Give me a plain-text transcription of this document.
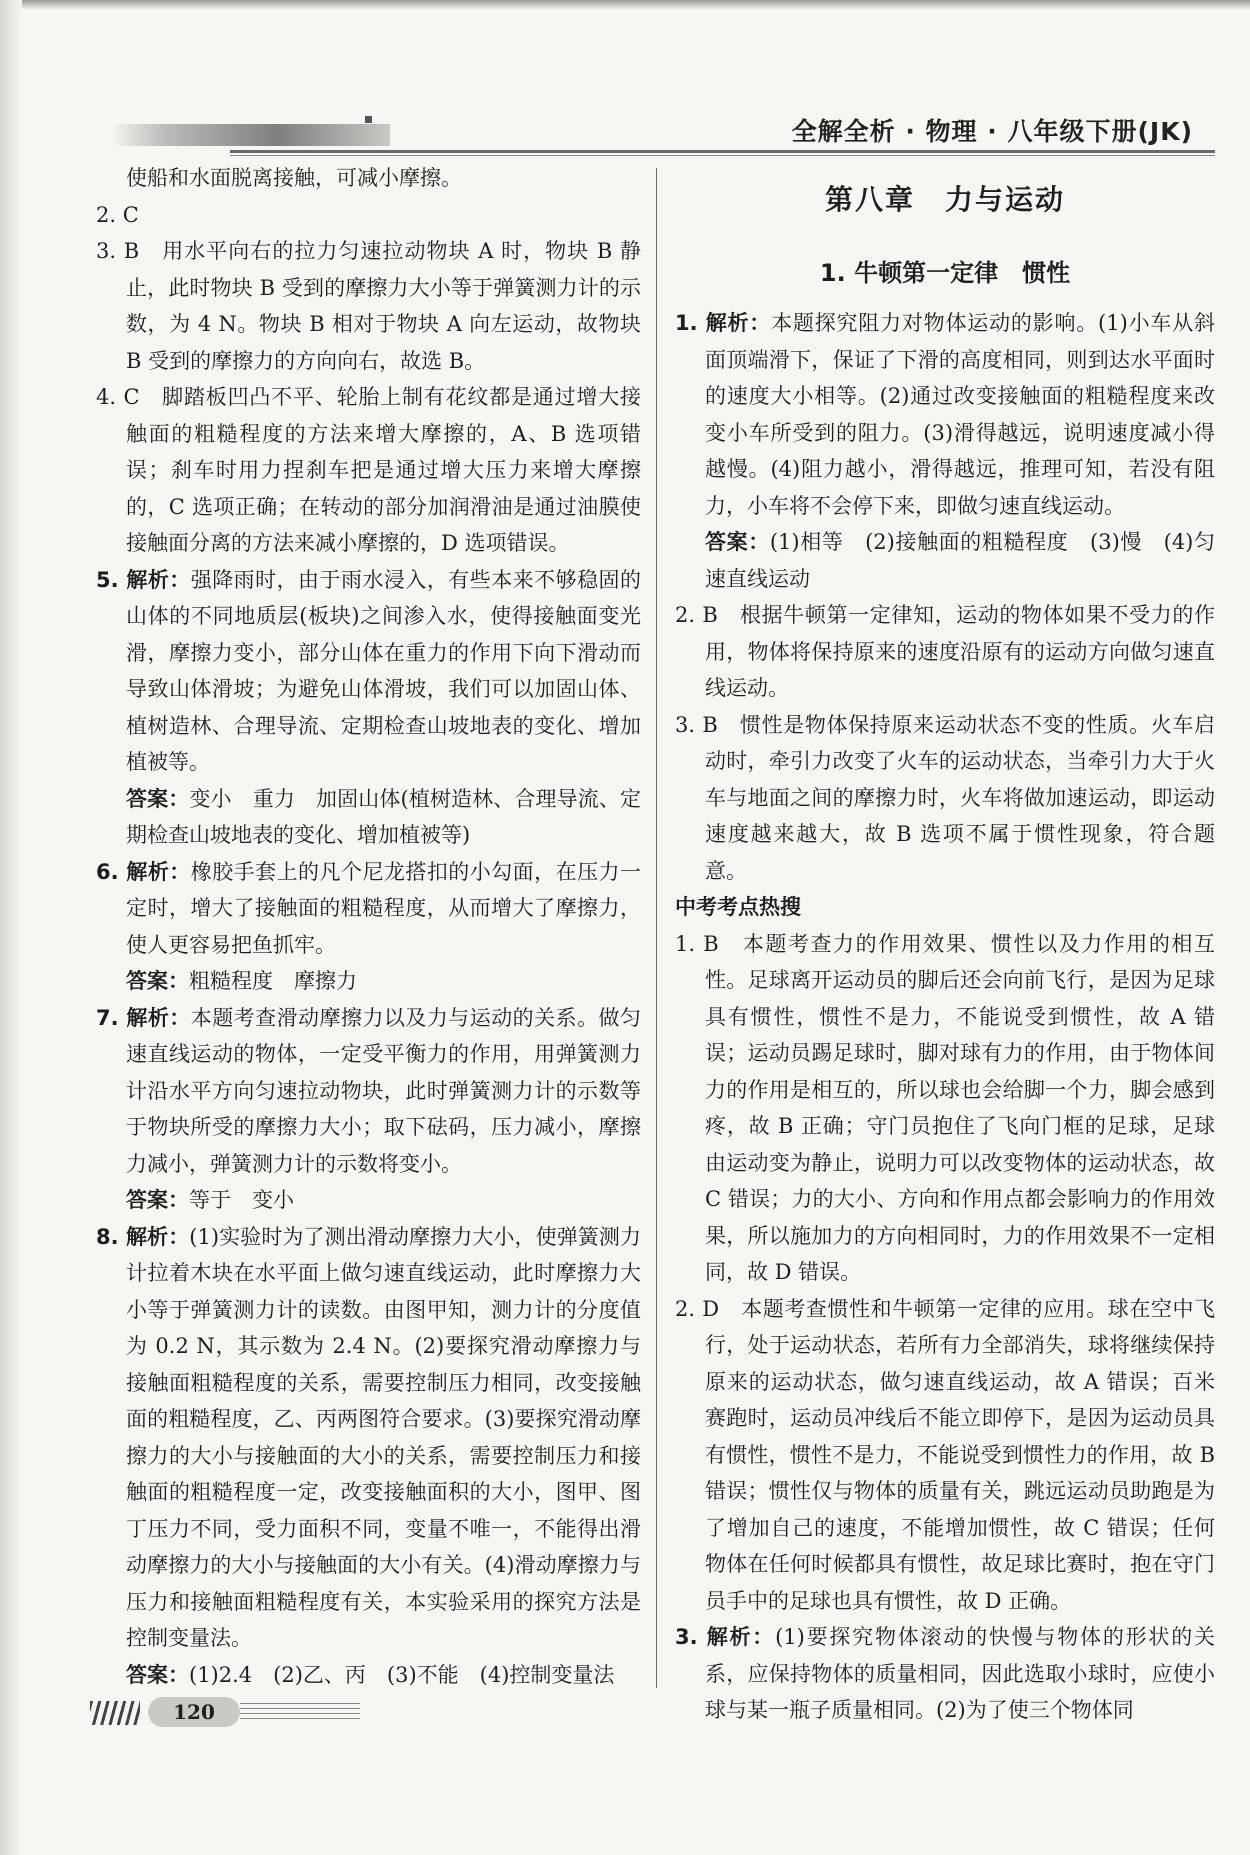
全解全析 · 物理 · 八年级下册(JK)

使船和水面脱离接触，可减小摩擦。

2. C

3. B　用水平向右的拉力匀速拉动物块 A 时，物块 B 静止，此时物块 B 受到的摩擦力大小等于弹簧测力计的示数，为 4 N。物块 B 相对于物块 A 向左运动，故物块 B 受到的摩擦力的方向向右，故选 B。

4. C　脚踏板凹凸不平、轮胎上制有花纹都是通过增大接触面的粗糙程度的方法来增大摩擦的，A、B 选项错误；刹车时用力捏刹车把是通过增大压力来增大摩擦的，C 选项正确；在转动的部分加润滑油是通过油膜使接触面分离的方法来减小摩擦的，D 选项错误。

5. 解析：强降雨时，由于雨水浸入，有些本来不够稳固的山体的不同地质层(板块)之间渗入水，使得接触面变光滑，摩擦力变小，部分山体在重力的作用下向下滑动而导致山体滑坡；为避免山体滑坡，我们可以加固山体、植树造林、合理导流、定期检查山坡地表的变化、增加植被等。

答案：变小　重力　加固山体(植树造林、合理导流、定期检查山坡地表的变化、增加植被等)

6. 解析：橡胶手套上的凡个尼龙搭扣的小勾面，在压力一定时，增大了接触面的粗糙程度，从而增大了摩擦力，使人更容易把鱼抓牢。

答案：粗糙程度　摩擦力

7. 解析：本题考查滑动摩擦力以及力与运动的关系。做匀速直线运动的物体，一定受平衡力的作用，用弹簧测力计沿水平方向匀速拉动物块，此时弹簧测力计的示数等于物块所受的摩擦力大小；取下砝码，压力减小，摩擦力减小，弹簧测力计的示数将变小。

答案：等于　变小

8. 解析：(1)实验时为了测出滑动摩擦力大小，使弹簧测力计拉着木块在水平面上做匀速直线运动，此时摩擦力大小等于弹簧测力计的读数。由图甲知，测力计的分度值为 0.2 N，其示数为 2.4 N。(2)要探究滑动摩擦力与接触面粗糙程度的关系，需要控制压力相同，改变接触面的粗糙程度，乙、丙两图符合要求。(3)要探究滑动摩擦力的大小与接触面的大小的关系，需要控制压力和接触面的粗糙程度一定，改变接触面积的大小，图甲、图丁压力不同，受力面积不同，变量不唯一，不能得出滑动摩擦力的大小与接触面的大小有关。(4)滑动摩擦力与压力和接触面粗糙程度有关，本实验采用的探究方法是控制变量法。

答案：(1)2.4　(2)乙、丙　(3)不能　(4)控制变量法

第八章　力与运动
1. 牛顿第一定律　惯性

1. 解析：本题探究阻力对物体运动的影响。(1)小车从斜面顶端滑下，保证了下滑的高度相同，则到达水平面时的速度大小相等。(2)通过改变接触面的粗糙程度来改变小车所受到的阻力。(3)滑得越远，说明速度减小得越慢。(4)阻力越小，滑得越远，推理可知，若没有阻力，小车将不会停下来，即做匀速直线运动。

答案：(1)相等　(2)接触面的粗糙程度　(3)慢　(4)匀速直线运动

2. B　根据牛顿第一定律知，运动的物体如果不受力的作用，物体将保持原来的速度沿原有的运动方向做匀速直线运动。

3. B　惯性是物体保持原来运动状态不变的性质。火车启动时，牵引力改变了火车的运动状态，当牵引力大于火车与地面之间的摩擦力时，火车将做加速运动，即运动速度越来越大，故 B 选项不属于惯性现象，符合题意。

中考考点热搜

1. B　本题考查力的作用效果、惯性以及力作用的相互性。足球离开运动员的脚后还会向前飞行，是因为足球具有惯性，惯性不是力，不能说受到惯性，故 A 错误；运动员踢足球时，脚对球有力的作用，由于物体间力的作用是相互的，所以球也会给脚一个力，脚会感到疼，故 B 正确；守门员抱住了飞向门框的足球，足球由运动变为静止，说明力可以改变物体的运动状态，故 C 错误；力的大小、方向和作用点都会影响力的作用效果，所以施加力的方向相同时，力的作用效果不一定相同，故 D 错误。

2. D　本题考查惯性和牛顿第一定律的应用。球在空中飞行，处于运动状态，若所有力全部消失，球将继续保持原来的运动状态，做匀速直线运动，故 A 错误；百米赛跑时，运动员冲线后不能立即停下，是因为运动员具有惯性，惯性不是力，不能说受到惯性力的作用，故 B 错误；惯性仅与物体的质量有关，跳远运动员助跑是为了增加自己的速度，不能增加惯性，故 C 错误；任何物体在任何时候都具有惯性，故足球比赛时，抱在守门员手中的足球也具有惯性，故 D 正确。

3. 解析：(1)要探究物体滚动的快慢与物体的形状的关系，应保持物体的质量相同，因此选取小球时，应使小球与某一瓶子质量相同。(2)为了使三个物体同

120
